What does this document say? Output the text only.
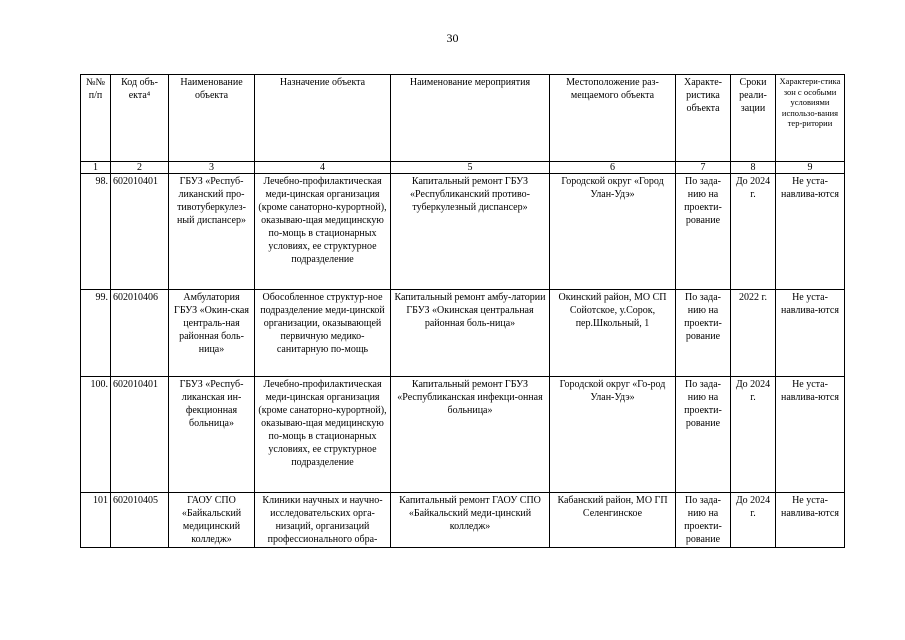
30
№№ п/п	Код объ-екта⁴	Наименование объекта	Назначение объекта	Наименование мероприятия	Местоположение раз-мещаемого объекта	Характе-ристика объекта	Сроки реали-зации	Характери-стика зон с особыми условиями использо-вания тер-ритории
1	2	3	4	5	6	7	8	9
98.	602010401	ГБУЗ «Респуб-ликанский про-тивотуберкулез-ный диспансер»	Лечебно-профилактическая меди-цинская организация (кроме санаторно-курортной), оказываю-щая медицинскую по-мощь в стационарных условиях, ее структурное подразделение	Капитальный ремонт ГБУЗ «Республиканский противо-туберкулезный диспансер»	Городской округ «Город Улан-Удэ»	По зада-нию на проекти-рование	До 2024 г.	Не уста-навлива-ются
99.	602010406	Амбулатория ГБУЗ «Окин-ская централь-ная районная боль-ница»	Обособленное структур-ное подразделение меди-цинской организации, оказывающей первичную медико-санитарную по-мощь	Капитальный ремонт амбу-латории ГБУЗ «Окинская центральная районная боль-ница»	Окинский район, МО СП Сойотское, у.Сорок, пер.Школьный, 1	По зада-нию на проекти-рование	2022 г.	Не уста-навлива-ются
100.	602010401	ГБУЗ «Респуб-ликанская ин-фекционная больница»	Лечебно-профилактическая меди-цинская организация (кроме санаторно-курортной), оказываю-щая медицинскую по-мощь в стационарных условиях, ее структурное подразделение	Капитальный ремонт ГБУЗ «Республиканская инфекци-онная больница»	Городской округ «Го-род Улан-Удэ»	По зада-нию на проекти-рование	До 2024 г.	Не уста-навлива-ются
101	602010405	ГАОУ СПО «Байкальский медицинский колледж»	Клиники научных и научно-исследовательских орга-низаций, организаций профессионального обра-	Капитальный ремонт ГАОУ СПО «Байкальский меди-цинский колледж»	Кабанский район, МО ГП Селенгинское	По зада-нию на проекти-рование	До 2024 г.	Не уста-навлива-ются
